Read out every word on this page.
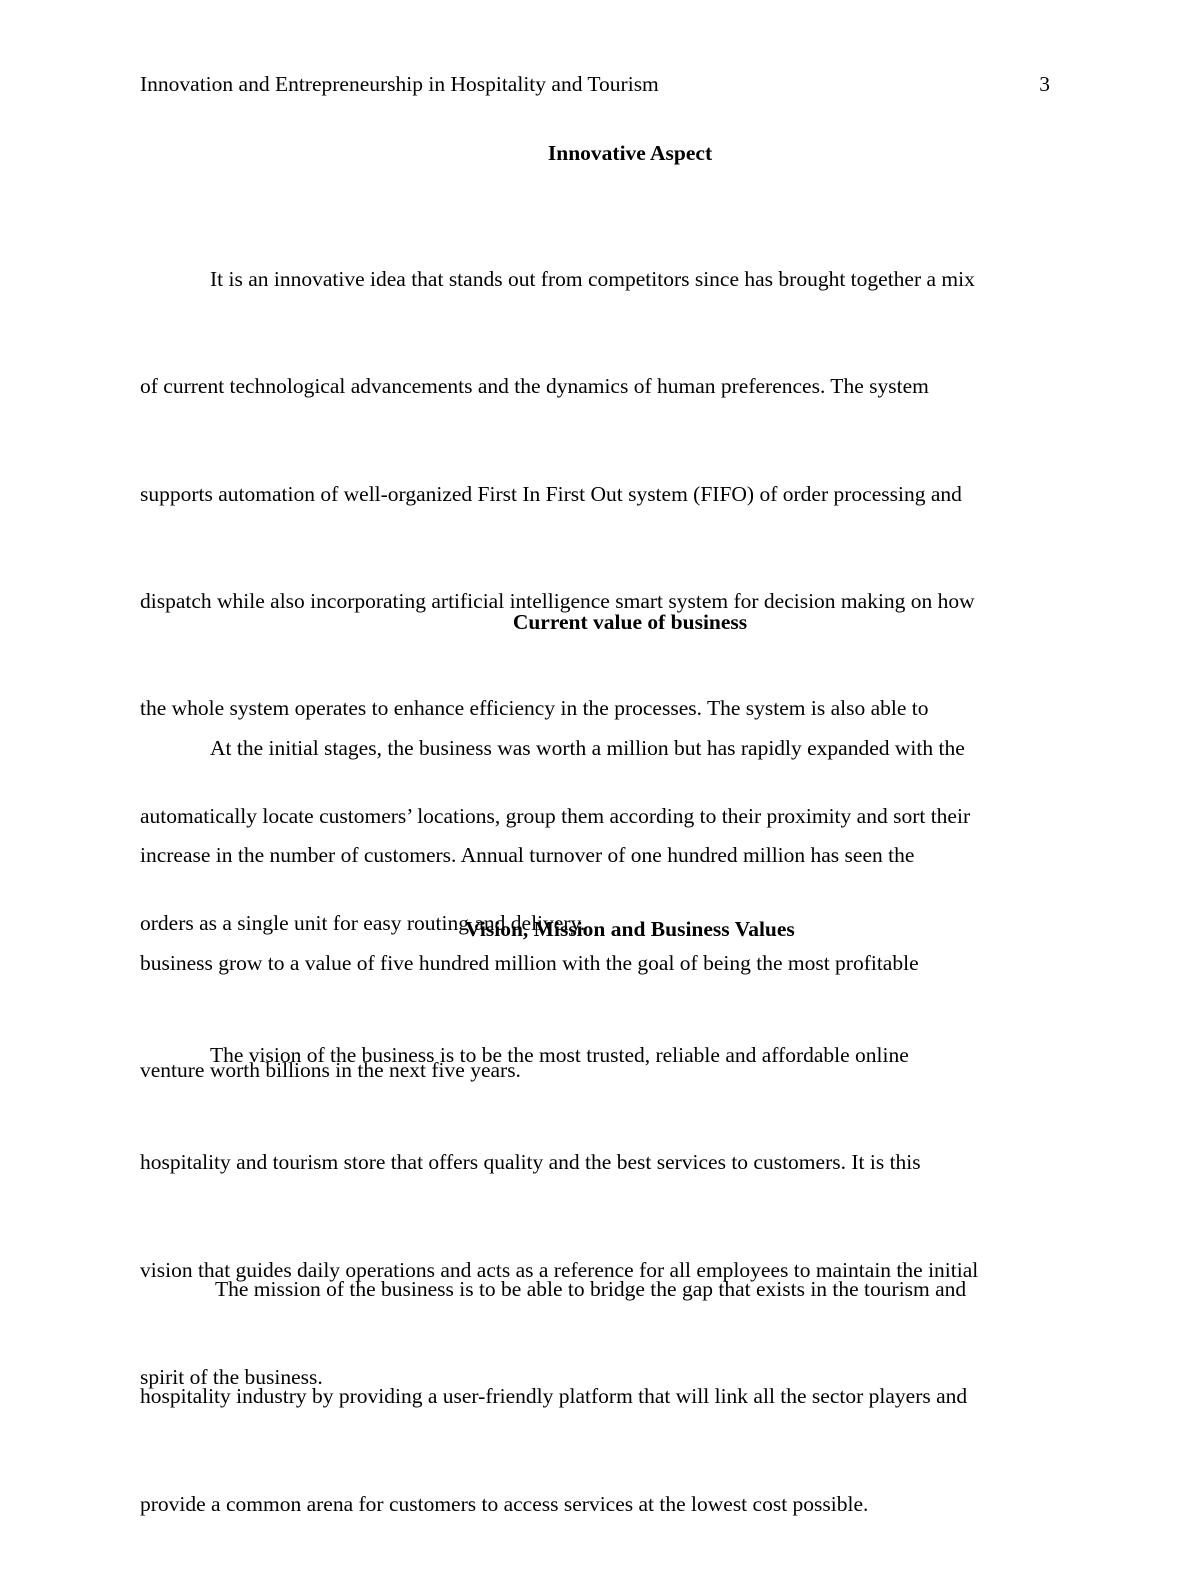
Innovation and Entrepreneurship in Hospitality and Tourism	3
Innovative Aspect

It is an innovative idea that stands out from competitors since has brought together a mix

of current technological advancements and the dynamics of human preferences. The system

supports automation of well-organized First In First Out system (FIFO) of order processing and

dispatch while also incorporating artificial intelligence smart system for decision making on how

the whole system operates to enhance efficiency in the processes. The system is also able to

automatically locate customers’ locations, group them according to their proximity and sort their

orders as a single unit for easy routing and delivery.

Current value of business

At the initial stages, the business was worth a million but has rapidly expanded with the

increase in the number of customers. Annual turnover of one hundred million has seen the

business grow to a value of five hundred million with the goal of being the most profitable

venture worth billions in the next five years.

Vision, Mission and Business Values

The vision of the business is to be the most trusted, reliable and affordable online

hospitality and tourism store that offers quality and the best services to customers. It is this

vision that guides daily operations and acts as a reference for all employees to maintain the initial

spirit of the business.

The mission of the business is to be able to bridge the gap that exists in the tourism and

hospitality industry by providing a user-friendly platform that will link all the sector players and

provide a common arena for customers to access services at the lowest cost possible.
